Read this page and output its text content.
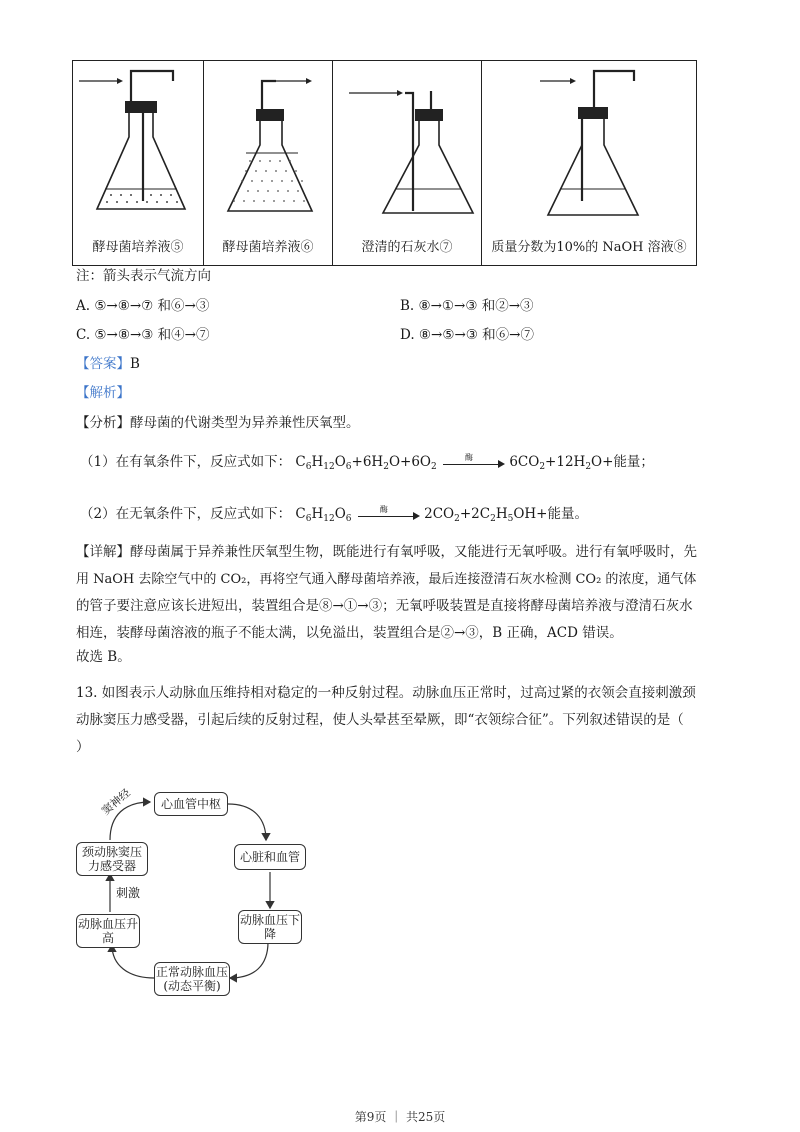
酵母菌培养液⑤	酵母菌培养液⑥	澄清的石灰水⑦	质量分数为10%的 NaOH 溶液⑧
注：箭头表示气流方向
A. ⑤→⑧→⑦ 和⑥→③	B. ⑧→①→③ 和②→③
C. ⑤→⑧→③ 和④→⑦	D. ⑧→⑤→③ 和⑥→⑦
【答案】B
【解析】
【分析】酵母菌的代谢类型为异养兼性厌氧型。
（1）在有氧条件下，反应式如下： $C_6H_{12}O_6+6H_2O+6O_2$
酶	$6CO_2+12H_2O+$能量；
（2）在无氧条件下，反应式如下： $C_6H_{12}O_6$
酶	$2CO_2+2C_2H_5OH+$能量。
【详解】酵母菌属于异养兼性厌氧型生物，既能进行有氧呼吸，又能进行无氧呼吸。进行有氧呼吸时，先
用 NaOH 去除空气中的 CO₂，再将空气通入酵母菌培养液，最后连接澄清石灰水检测 CO₂ 的浓度，通气体
的管子要注意应该长进短出，装置组合是⑧→①→③；无氧呼吸装置是直接将酵母菌培养液与澄清石灰水
相连，装酵母菌溶液的瓶子不能太满，以免溢出，装置组合是②→③，B 正确，ACD 错误。
故选 B。
13. 如图表示人动脉血压维持相对稳定的一种反射过程。动脉血压正常时，过高过紧的衣领会直接刺激颈
动脉窦压力感受器，引起后续的反射过程，使人头晕甚至晕厥，即“衣领综合征”。下列叙述错误的是（
）
心血管中枢
心脏和血管
动脉血压下降
正常动脉血压(动态平衡)
动脉血压升高
颈动脉窦压力感受器
刺激
窦神经
第9页 ｜ 共25页
